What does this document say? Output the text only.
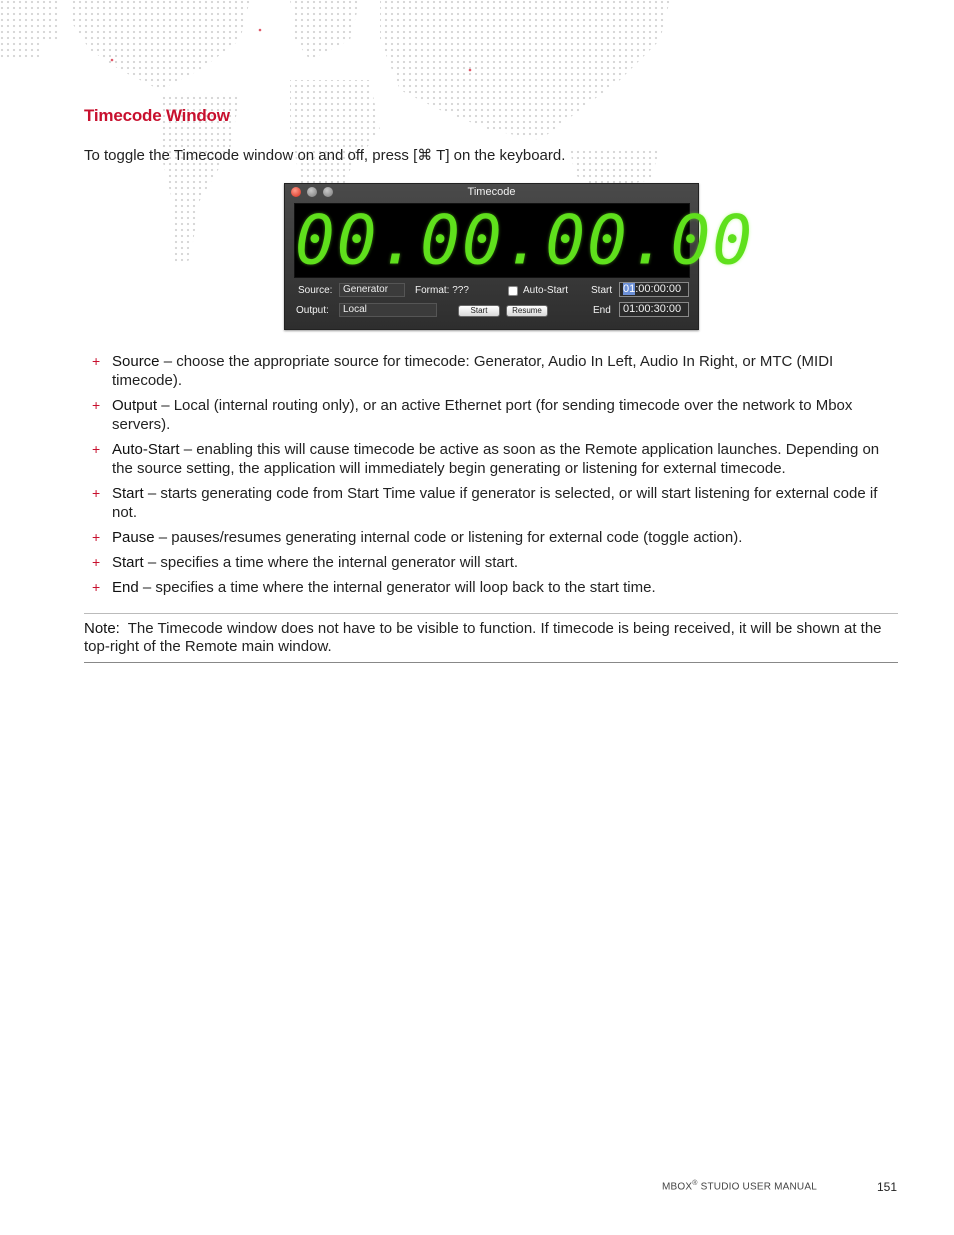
Timecode Window
To toggle the Timecode window on and off, press [⌘ T] on the keyboard.
Timecode
00.00.00.00
Source:	Generator	Format: ???	Auto-Start Start 01:00:00:00
Output:	Local	Start	Resume	End	01:00:30:00
+ Source – choose the appropriate source for timecode: Generator, Audio In Left, Audio In Right, or MTC (MIDI timecode).
+ Output – Local (internal routing only), or an active Ethernet port (for sending timecode over the network to Mbox servers).
+ Auto-Start – enabling this will cause timecode be active as soon as the Remote application launches. Depending on the source setting, the application will immediately begin generating or listening for external timecode.
+ Start – starts generating code from Start Time value if generator is selected, or will start listening for external code if not.
+ Pause – pauses/resumes generating internal code or listening for external code (toggle action).
+ Start – specifies a time where the internal generator will start.
+ End – specifies a time where the internal generator will loop back to the start time.
Note: The Timecode window does not have to be visible to function. If timecode is being received, it will be shown at the top-right of the Remote main window.
MBOX® STUDIO USER MANUAL	151
